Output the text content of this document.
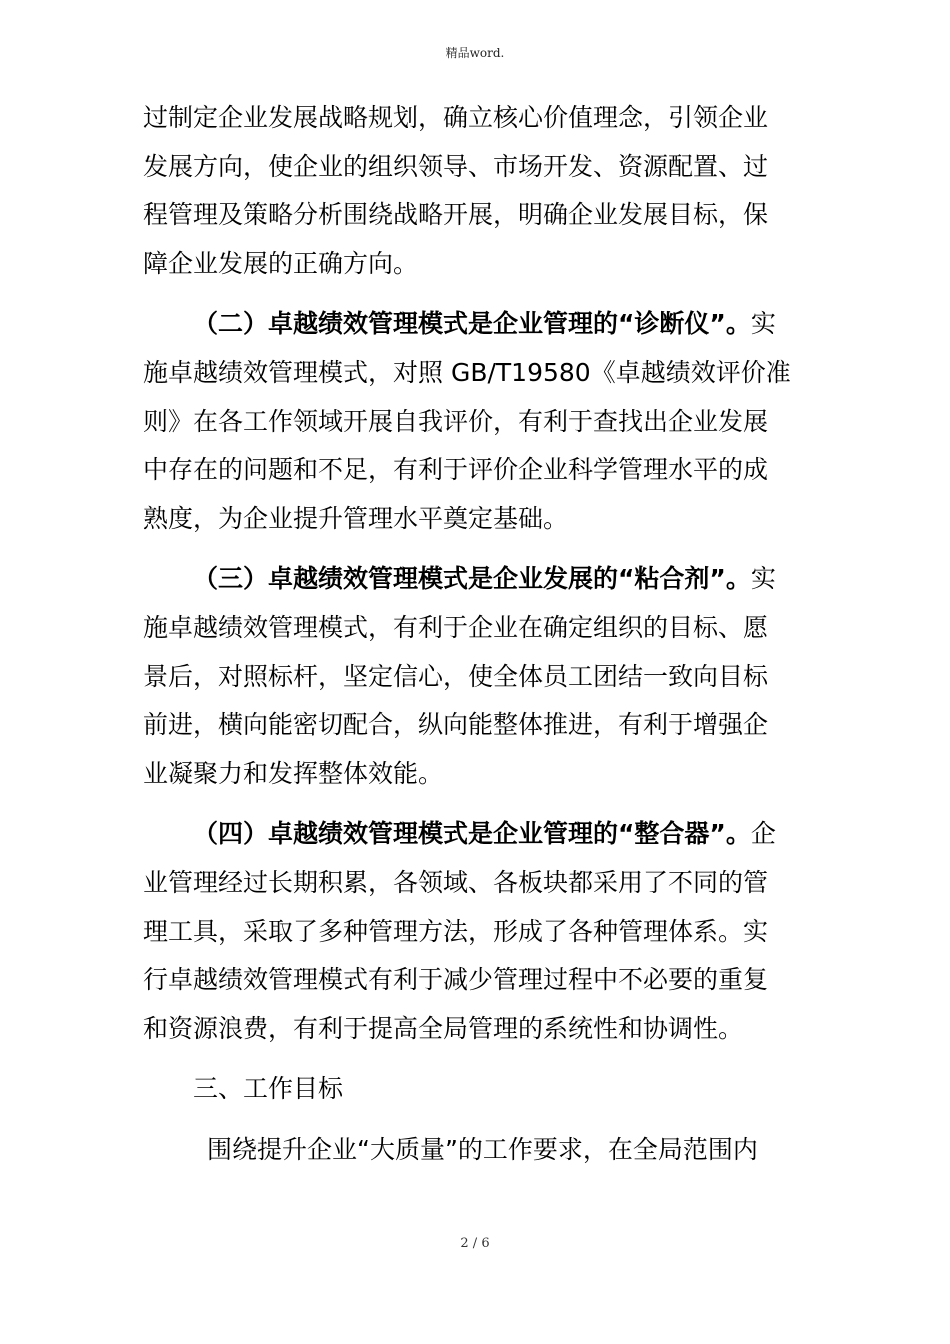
精品word.
过制定企业发展战略规划，确立核心价值理念，引领企业
发展方向，使企业的组织领导、市场开发、资源配置、过
程管理及策略分析围绕战略开展，明确企业发展目标，保
障企业发展的正确方向。
（二）卓越绩效管理模式是企业管理的“诊断仪”。实
施卓越绩效管理模式，对照 GB/T19580《卓越绩效评价准
则》在各工作领域开展自我评价，有利于查找出企业发展
中存在的问题和不足，有利于评价企业科学管理水平的成
熟度，为企业提升管理水平奠定基础。
（三）卓越绩效管理模式是企业发展的“粘合剂”。实
施卓越绩效管理模式，有利于企业在确定组织的目标、愿
景后，对照标杆，坚定信心，使全体员工团结一致向目标
前进，横向能密切配合，纵向能整体推进，有利于增强企
业凝聚力和发挥整体效能。
（四）卓越绩效管理模式是企业管理的“整合器”。企
业管理经过长期积累，各领域、各板块都采用了不同的管
理工具，采取了多种管理方法，形成了各种管理体系。实
行卓越绩效管理模式有利于减少管理过程中不必要的重复
和资源浪费，有利于提高全局管理的系统性和协调性。
三、工作目标
围绕提升企业“大质量”的工作要求，在全局范围内
2 / 6
